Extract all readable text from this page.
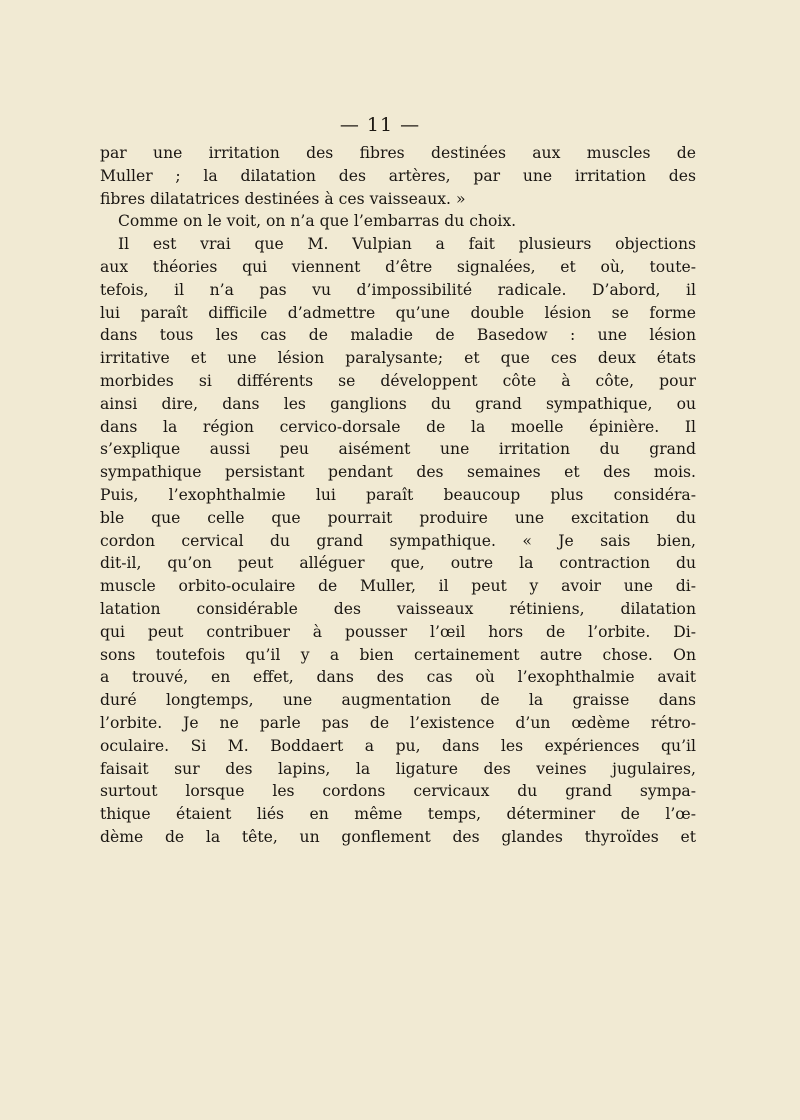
— 11 —
par une irritation des fibres destinées aux muscles de
Muller ; la dilatation des artères, par une irritation des
fibres dilatatrices destinées à ces vaisseaux. »
Comme on le voit, on n’a que l’embarras du choix.
Il est vrai que M. Vulpian a fait plusieurs objections
aux théories qui viennent d’être signalées, et où, toute-
tefois, il n’a pas vu d’impossibilité radicale. D’abord, il
lui paraît difficile d’admettre qu’une double lésion se forme
dans tous les cas de maladie de Basedow : une lésion
irritative et une lésion paralysante; et que ces deux états
morbides si différents se développent côte à côte, pour
ainsi dire, dans les ganglions du grand sympathique, ou
dans la région cervico-dorsale de la moelle épinière. Il
s’explique aussi peu aisément une irritation du grand
sympathique persistant pendant des semaines et des mois.
Puis, l’exophthalmie lui paraît beaucoup plus considéra-
ble que celle que pourrait produire une excitation du
cordon cervical du grand sympathique. « Je sais bien,
dit-il, qu’on peut alléguer que, outre la contraction du
muscle orbito-oculaire de Muller, il peut y avoir une di-
latation considérable des vaisseaux rétiniens, dilatation
qui peut contribuer à pousser l’œil hors de l’orbite. Di-
sons toutefois qu’il y a bien certainement autre chose. On
a trouvé, en effet, dans des cas où l’exophthalmie avait
duré longtemps, une augmentation de la graisse dans
l’orbite. Je ne parle pas de l’existence d’un œdème rétro-
oculaire. Si M. Boddaert a pu, dans les expériences qu’il
faisait sur des lapins, la ligature des veines jugulaires,
surtout lorsque les cordons cervicaux du grand sympa-
thique étaient liés en même temps, déterminer de l’œ-
dème de la tête, un gonflement des glandes thyroïdes et
